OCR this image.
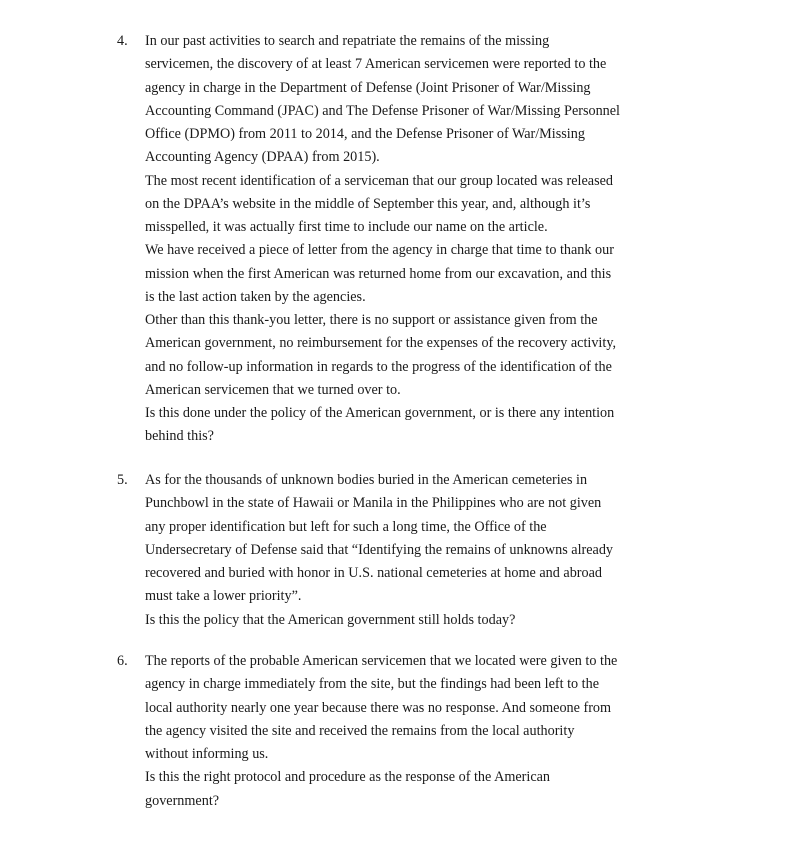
4.	In our past activities to search and repatriate the remains of the missing
servicemen, the discovery of at least 7 American servicemen were reported to the
agency in charge in the Department of Defense (Joint Prisoner of War/Missing
Accounting Command (JPAC) and The Defense Prisoner of War/Missing Personnel
Office (DPMO) from 2011 to 2014, and the Defense Prisoner of War/Missing
Accounting Agency (DPAA) from 2015).
The most recent identification of a serviceman that our group located was released
on the DPAA’s website in the middle of September this year, and, although it’s
misspelled, it was actually first time to include our name on the article.
We have received a piece of letter from the agency in charge that time to thank our
mission when the first American was returned home from our excavation, and this
is the last action taken by the agencies.
Other than this thank-you letter, there is no support or assistance given from the
American government, no reimbursement for the expenses of the recovery activity,
and no follow-up information in regards to the progress of the identification of the
American servicemen that we turned over to.
Is this done under the policy of the American government, or is there any intention
behind this?
5.	As for the thousands of unknown bodies buried in the American cemeteries in
Punchbowl in the state of Hawaii or Manila in the Philippines who are not given
any proper identification but left for such a long time, the Office of the
Undersecretary of Defense said that “Identifying the remains of unknowns already
recovered and buried with honor in U.S. national cemeteries at home and abroad
must take a lower priority”.
Is this the policy that the American government still holds today?
6.	The reports of the probable American servicemen that we located were given to the
agency in charge immediately from the site, but the findings had been left to the
local authority nearly one year because there was no response. And someone from
the agency visited the site and received the remains from the local authority
without informing us.
Is this the right protocol and procedure as the response of the American
government?
